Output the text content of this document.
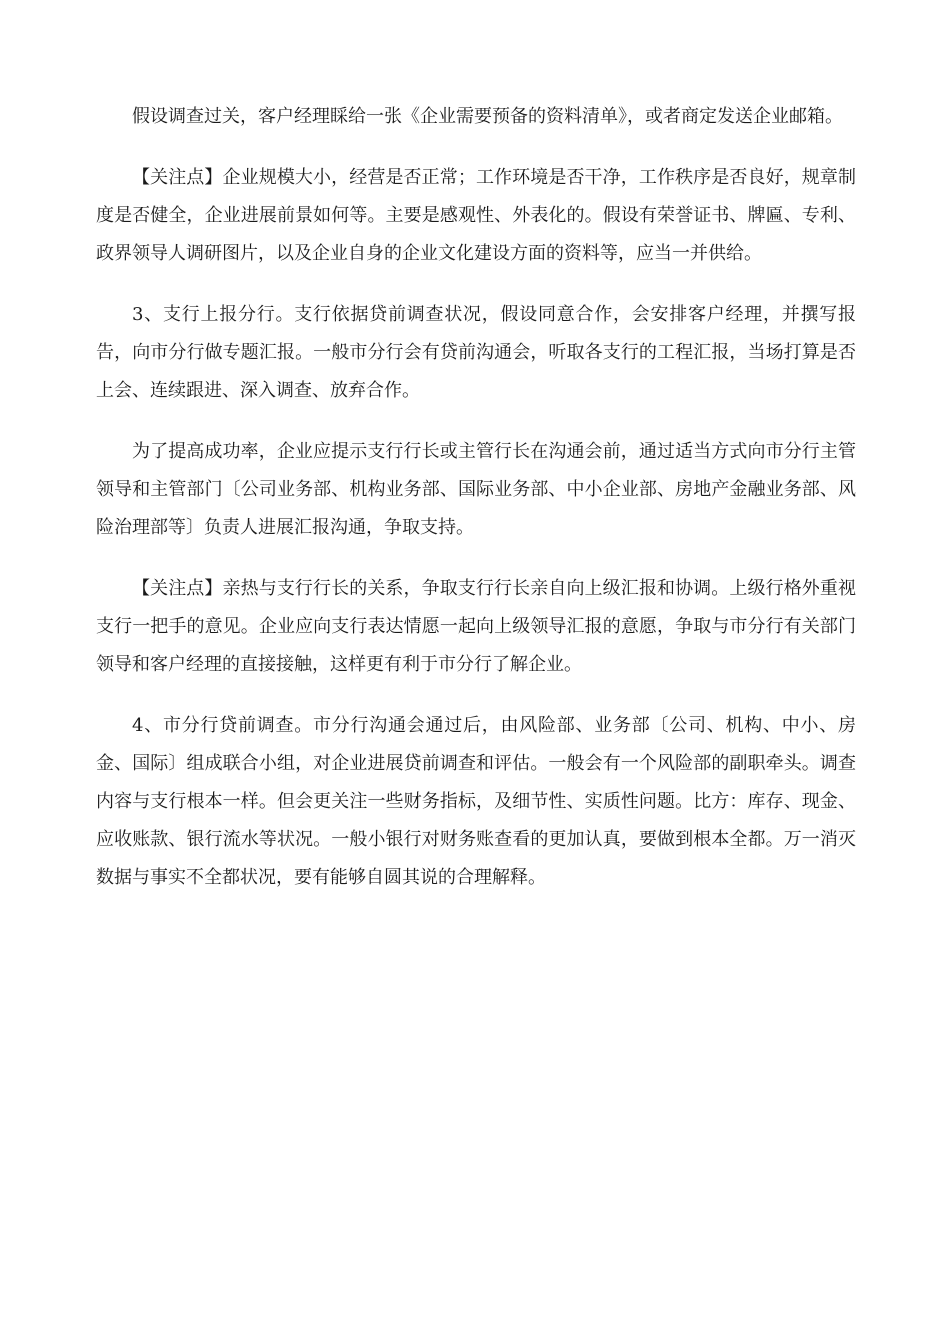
假设调查过关，客户经理睬给一张《企业需要预备的资料清单》，或者商定发送企业邮箱。

【关注点】企业规模大小，经营是否正常；工作环境是否干净，工作秩序是否良好，规章制度是否健全，企业进展前景如何等。主要是感观性、外表化的。假设有荣誉证书、牌匾、专利、政界领导人调研图片，以及企业自身的企业文化建设方面的资料等，应当一并供给。

3、支行上报分行。支行依据贷前调查状况，假设同意合作，会安排客户经理，并撰写报告，向市分行做专题汇报。一般市分行会有贷前沟通会，听取各支行的工程汇报，当场打算是否上会、连续跟进、深入调查、放弃合作。

为了提高成功率，企业应提示支行行长或主管行长在沟通会前，通过适当方式向市分行主管领导和主管部门〔公司业务部、机构业务部、国际业务部、中小企业部、房地产金融业务部、风险治理部等〕负责人进展汇报沟通，争取支持。

【关注点】亲热与支行行长的关系，争取支行行长亲自向上级汇报和协调。上级行格外重视支行一把手的意见。企业应向支行表达情愿一起向上级领导汇报的意愿，争取与市分行有关部门领导和客户经理的直接接触，这样更有利于市分行了解企业。

4、市分行贷前调查。市分行沟通会通过后，由风险部、业务部〔公司、机构、中小、房金、国际〕组成联合小组，对企业进展贷前调查和评估。一般会有一个风险部的副职牵头。调查内容与支行根本一样。但会更关注一些财务指标，及细节性、实质性问题。比方：库存、现金、应收账款、银行流水等状况。一般小银行对财务账查看的更加认真，要做到根本全都。万一消灭数据与事实不全都状况，要有能够自圆其说的合理解释。
